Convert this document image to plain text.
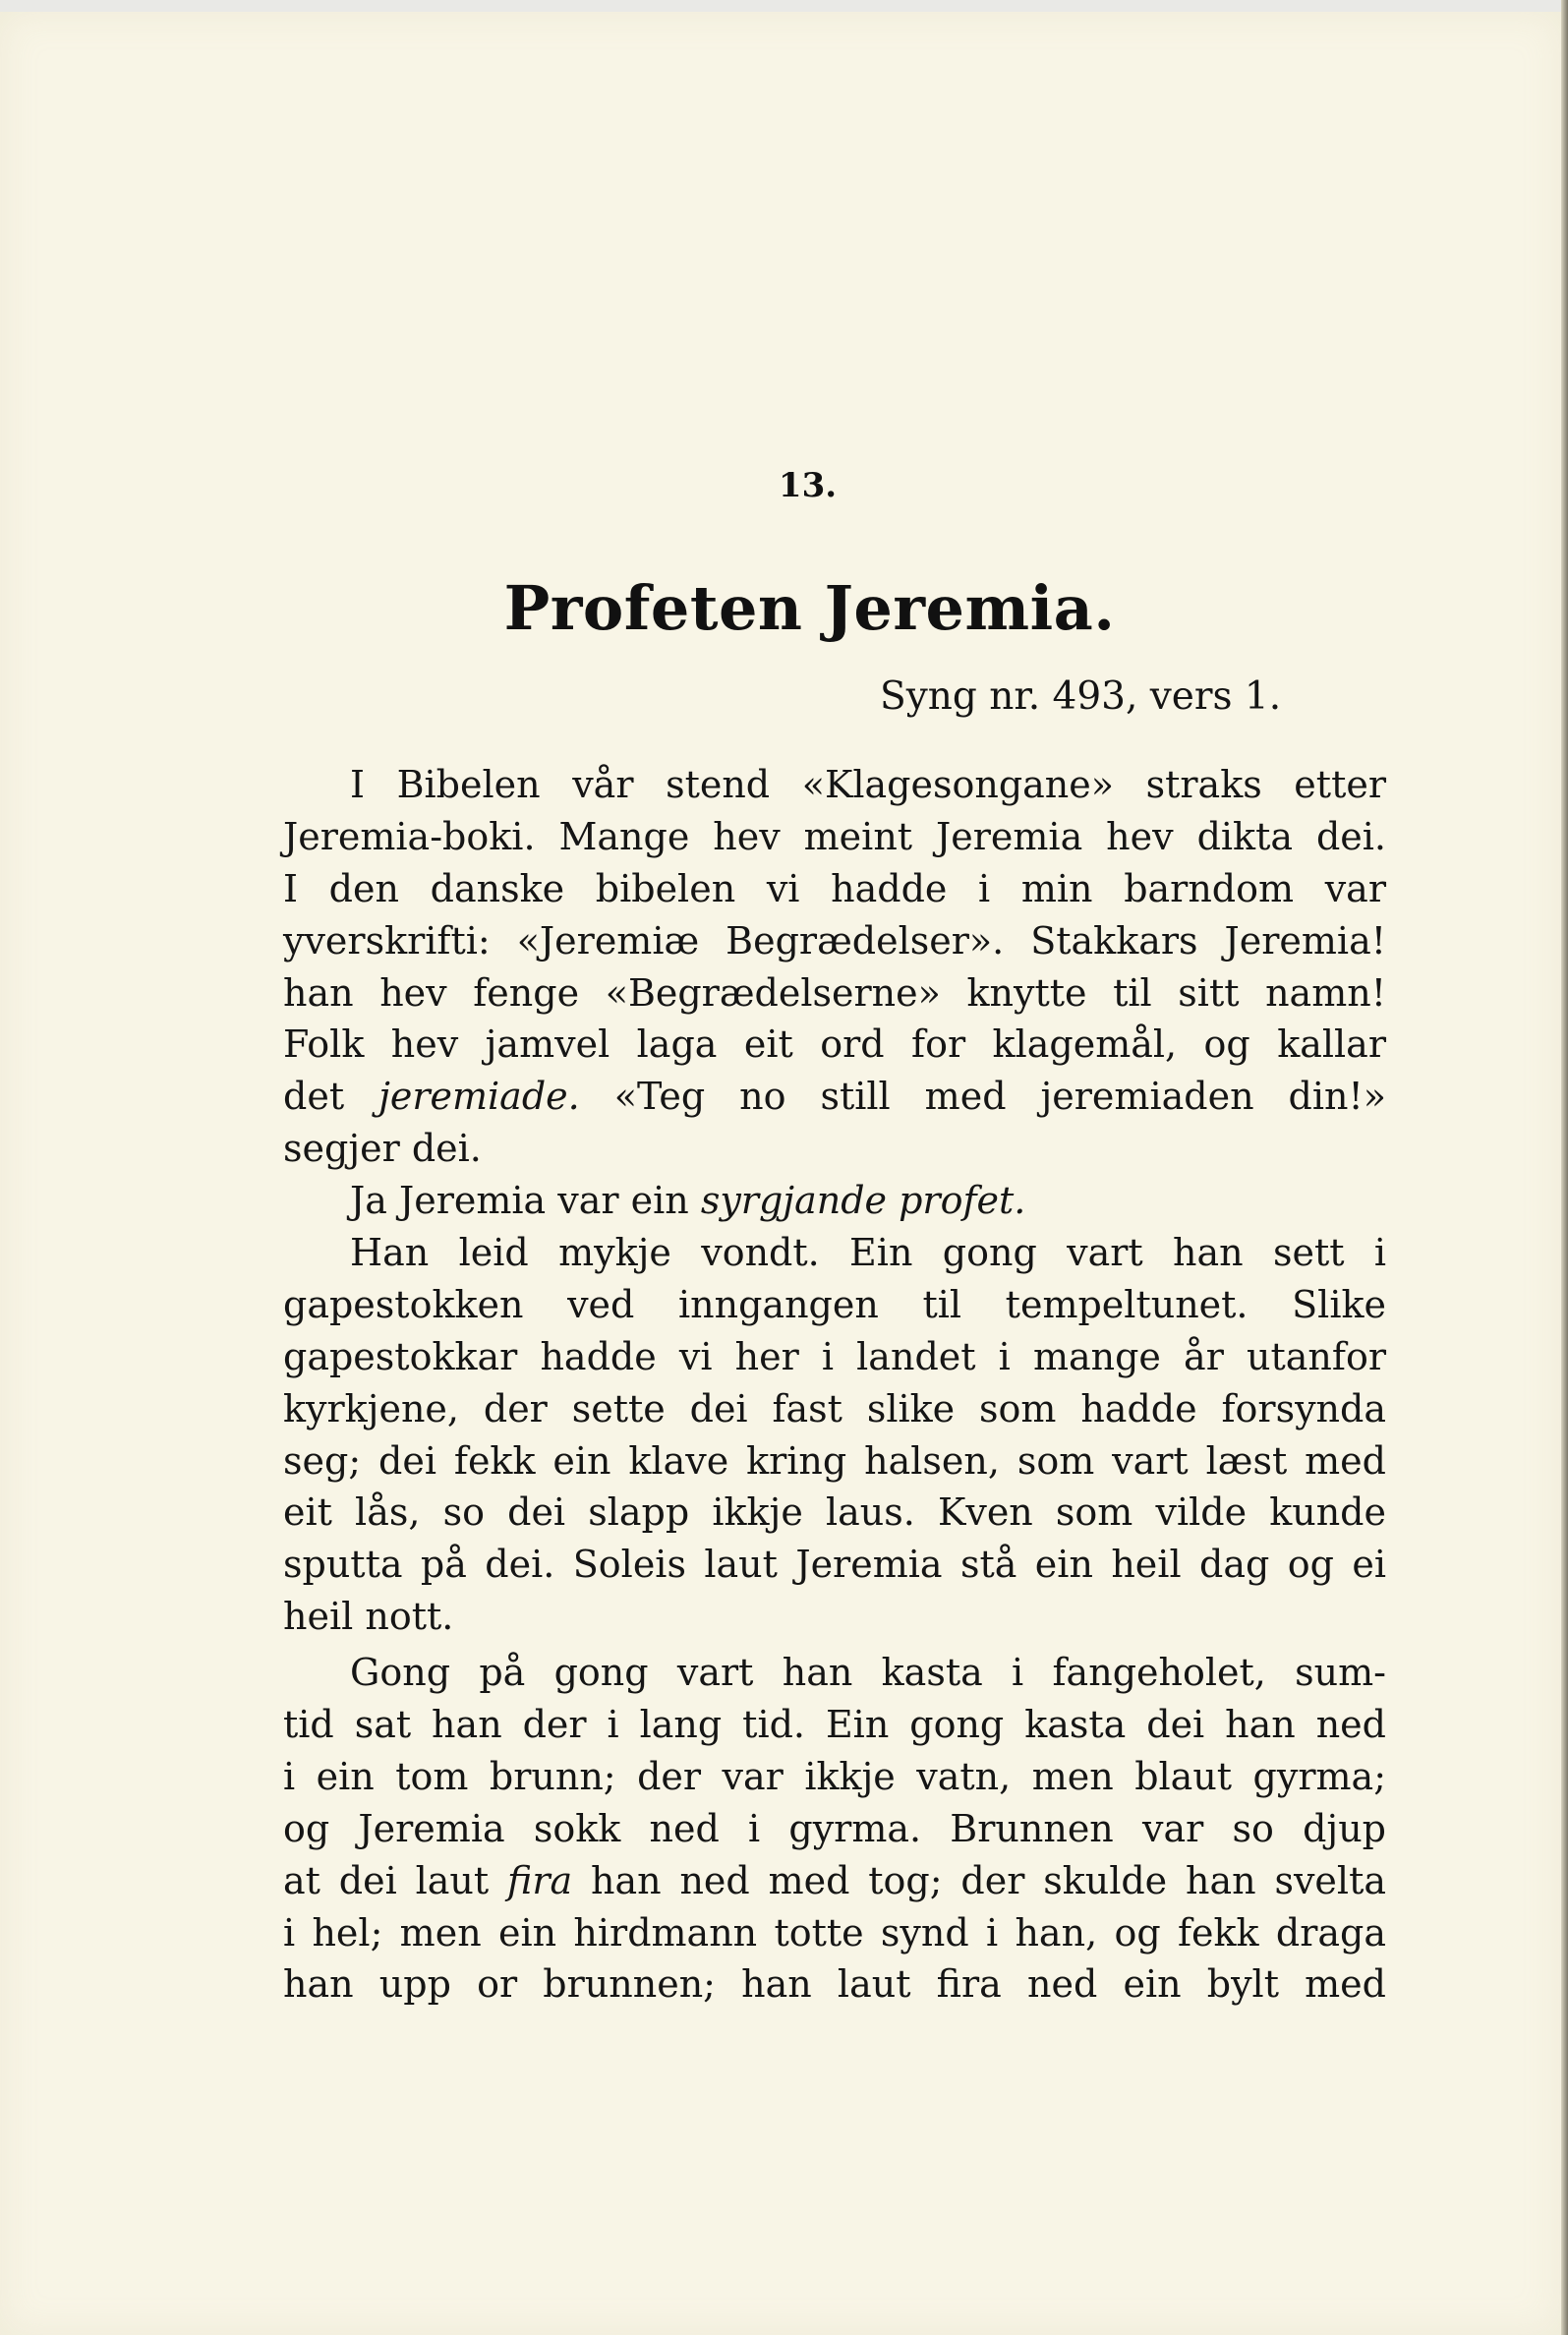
13.
Profeten Jeremia.
Syng nr. 493, vers 1.
I Bibelen vår stend «Klagesongane» straks etter
Jeremia-boki. Mange hev meint Jeremia hev dikta dei.
I den danske bibelen vi hadde i min barndom var
yverskrifti: «Jeremiæ Begrædelser». Stakkars Jeremia!
han hev fenge «Begrædelserne» knytte til sitt namn!
Folk hev jamvel laga eit ord for klagemål, og kallar
det jeremiade. «Teg no still med jeremiaden din!»
segjer dei.
Ja Jeremia var ein syrgjande profet.
Han leid mykje vondt. Ein gong vart han sett i
gapestokken ved inngangen til tempeltunet. Slike
gapestokkar hadde vi her i landet i mange år utanfor
kyrkjene, der sette dei fast slike som hadde forsynda
seg; dei fekk ein klave kring halsen, som vart læst med
eit lås, so dei slapp ikkje laus. Kven som vilde kunde
sputta på dei. Soleis laut Jeremia stå ein heil dag og ei
heil nott.
Gong på gong vart han kasta i fangeholet, sum-
tid sat han der i lang tid. Ein gong kasta dei han ned
i ein tom brunn; der var ikkje vatn, men blaut gyrma;
og Jeremia sokk ned i gyrma. Brunnen var so djup
at dei laut fira han ned med tog; der skulde han svelta
i hel; men ein hirdmann totte synd i han, og fekk draga
han upp or brunnen; han laut fira ned ein bylt med
